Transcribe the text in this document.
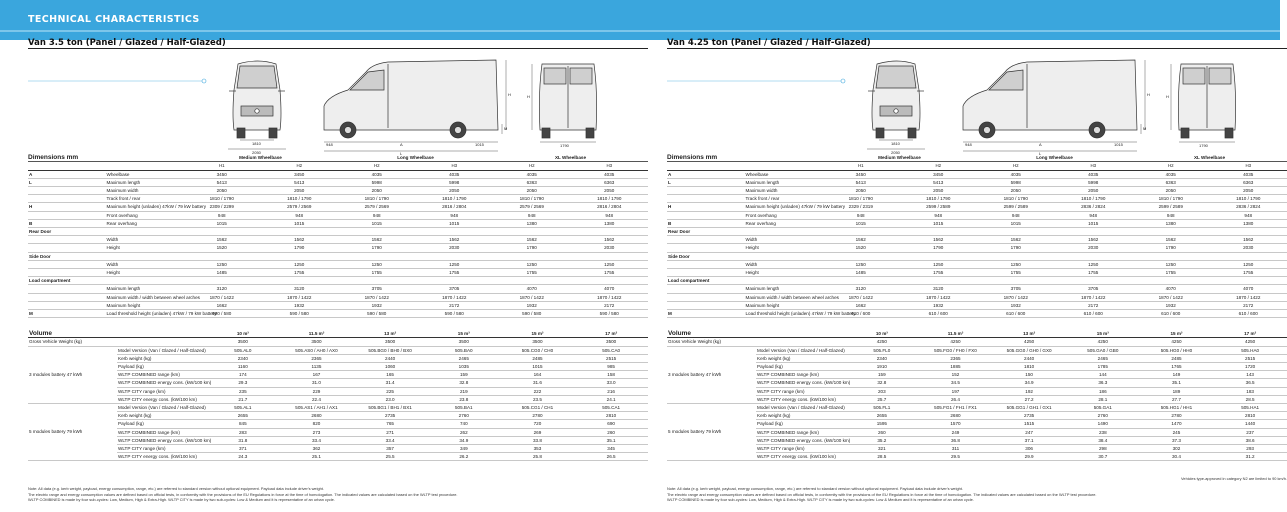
TECHNICAL CHARACTERISTICS
Van 3.5 ton (Panel / Glazed / Half-Glazed)
1810
2050
948	A	1015
L
H
M
1790
H
Dimensions mm		Medium Wheelbase		Long Wheelbase		XL Wheelbase	
		H1	H2	H2	H3	H2	H3
A	Wheelbase	3450	3450	4035	4035	4035	4035
L	Maximum length	5413	5413	5998	5998	6363	6363
	Maximum width	2050	2050	2050	2050	2050	2050
	Track front / rear	1810 / 1790	1810 / 1790	1810 / 1790	1810 / 1790	1810 / 1790	1810 / 1790
H	Maximum height (unladen) 47kW / 79 kW battery	2309 / 2299	2579 / 2569	2579 / 2569	2816 / 2804	2579 / 2569	2816 / 2804
	Front overhang	948	948	948	948	948	948
B	Rear overhang	1015	1015	1015	1015	1380	1380
Rear Door							
	Width	1562	1562	1562	1562	1562	1562
	Height	1520	1790	1790	2030	1790	2030
Side Door							
	Width	1250	1250	1250	1250	1250	1250
	Height	1485	1755	1755	1755	1755	1755
Load compartment							
	Maximum length	3120	3120	3705	3705	4070	4070
	Maximum width / width between wheel arches	1870 / 1422	1870 / 1422	1870 / 1422	1870 / 1422	1870 / 1422	1870 / 1422
	Maximum height	1662	1932	1932	2172	1932	2172
M	Load threshold height (unladen) 47kW / 79 kW battery	590 / 580	590 / 580	590 / 580	590 / 580	590 / 580	590 / 580
Volume		10 m³	11.5 m³	13 m³	15 m³	15 m³	17 m³
Gross Vehicle Weight (kg)		3500	3500	3500	3500	3500	3500
3 modules battery 47 kWh	Model Version (Van / Glazed / Half-Glazed)	505.AL0	505.AS0 / AH0 / AX0	505.BG0 / BH0 / BX0	505.BA0	505.CG0 / CH0	505.CA0
	Kerb weight (kg)	2340	2365	2440	2465	2485	2515
	Payload (kg)	1160	1135	1060	1035	1015	985
	WLTP COMBINED range (km)	174	167	165	159	164	158
	WLTP COMBINED energy cons. (kW/100 km)	29.3	31.0	31.4	32.8	31.6	33.0
	WLTP CITY range (km)	235	229	225	219	222	216
	WLTP CITY energy cons. (kW/100 km)	21.7	22.4	23.0	23.8	23.5	24.1
5 modules battery 79 kWh	Model Version (Van / Glazed / Half-Glazed)	505.AL1	505.AS1 / AH1 / AX1	505.BG1 / BH1 / BX1	505.BA1	505.CG1 / CH1	505.CA1
	Kerb weight (kg)	2655	2680	2735	2760	2780	2810
	Payload (kg)	845	820	765	740	720	690
	WLTP COMBINED range (km)	283	273	271	262	269	260
	WLTP COMBINED energy cons. (kW/100 km)	31.8	33.4	33.4	34.9	33.8	35.1
	WLTP CITY range (km)	371	362	357	349	353	345
	WLTP CITY energy cons. (kW/100 km)	24.3	25.1	25.5	26.2	25.8	26.5
Note: All data (e.g. kerb weight, payload, energy consumption, range, etc.) are referred to standard version without optional equipment. Payload data include driver's weight.
The electric range and energy consumption values are defined based on official tests, in conformity with the provisions of the EU Regulations in force at the time of homologation. The indicated values are calculated based on the WLTP test procedure.
WLTP COMBINED is made by four sub-cycles: Low, Medium, High & Extra-High. WLTP CITY is made by two sub-cycles: Low & Medium and it is representative of an urban cycle.
Van 4.25 ton (Panel / Glazed / Half-Glazed)
1810
2050
948	A	1015
L
H
M
1790
H
Dimensions mm		Medium Wheelbase		Long Wheelbase		XL Wheelbase	
		H1	H2	H2	H3	H2	H3
A	Wheelbase	3450	3450	4035	4035	4035	4035
L	Maximum length	5413	5413	5998	5998	6363	6363
	Maximum width	2050	2050	2050	2050	2050	2050
	Track front / rear	1810 / 1790	1810 / 1790	1810 / 1790	1810 / 1790	1810 / 1790	1810 / 1790
H	Maximum height (unladen) 47kW / 79 kW battery	2329 / 2319	2599 / 2589	2599 / 2589	2836 / 2824	2599 / 2589	2836 / 2824
	Front overhang	948	948	948	948	948	948
B	Rear overhang	1015	1015	1015	1015	1380	1380
Rear Door							
	Width	1562	1562	1562	1562	1562	1562
	Height	1520	1790	1790	2030	1790	2030
Side Door							
	Width	1250	1250	1250	1250	1250	1250
	Height	1485	1755	1755	1755	1755	1755
Load compartment							
	Maximum length	3120	3120	3705	3705	4070	4070
	Maximum width / width between wheel arches	1870 / 1422	1870 / 1422	1870 / 1422	1870 / 1422	1870 / 1422	1870 / 1422
	Maximum height	1662	1932	1932	2172	1932	2172
M	Load threshold height (unladen) 47kW / 79 kW battery	610 / 600	610 / 600	610 / 600	610 / 600	610 / 600	610 / 600
Volume		10 m³	11.5 m³	13 m³	15 m³	15 m³	17 m³
Gross Vehicle Weight (kg)		4250	4250	4250	4250	4250	4250
3 modules battery 47 kWh	Model Version (Van / Glazed / Half-Glazed)	505.FL0	505.FG0 / FH0 / FX0	505.GG0 / GH0 / GX0	505.GA0 / GB0	505.HG0 / HH0	505.HA0
	Kerb weight (kg)	2340	2365	2440	2465	2485	2515
	Payload (kg)	1910	1885	1810	1785	1765	1720
	WLTP COMBINED range (km)	159	152	150	144	149	143
	WLTP COMBINED energy cons. (kW/100 km)	32.8	34.5	34.9	36.3	35.1	36.5
	WLTP CITY range (km)	203	197	192	186	189	183
	WLTP CITY energy cons. (kW/100 km)	25.7	26.4	27.2	28.1	27.7	28.5
5 modules battery 79 kWh	Model Version (Van / Glazed / Half-Glazed)	505.FL1	505.FG1 / FH1 / FX1	505.GG1 / GH1 / GX1	505.GA1	505.HG1 / HH1	505.HA1
	Kerb weight (kg)	2655	2680	2735	2760	2780	2810
	Payload (kg)	1595	1570	1515	1490	1470	1440
	WLTP COMBINED range (km)	260	249	247	238	245	237
	WLTP COMBINED energy cons. (kW/100 km)	35.2	36.8	37.1	38.4	37.3	38.6
	WLTP CITY range (km)	321	311	306	298	302	293
	WLTP CITY energy cons. (kW/100 km)	28.5	29.5	29.9	30.7	30.4	31.2
Vehicles type-approved in category N2 are limited to 90 km/h.
Note: All data (e.g. kerb weight, payload, energy consumption, range, etc.) are referred to standard version without optional equipment. Payload data include driver's weight.
The electric range and energy consumption values are defined based on official tests, in conformity with the provisions of the EU Regulations in force at the time of homologation. The indicated values are calculated based on the WLTP test procedure.
WLTP COMBINED is made by four sub-cycles: Low, Medium, High & Extra-High. WLTP CITY is made by two sub-cycles: Low & Medium and it is representative of an urban cycle.
